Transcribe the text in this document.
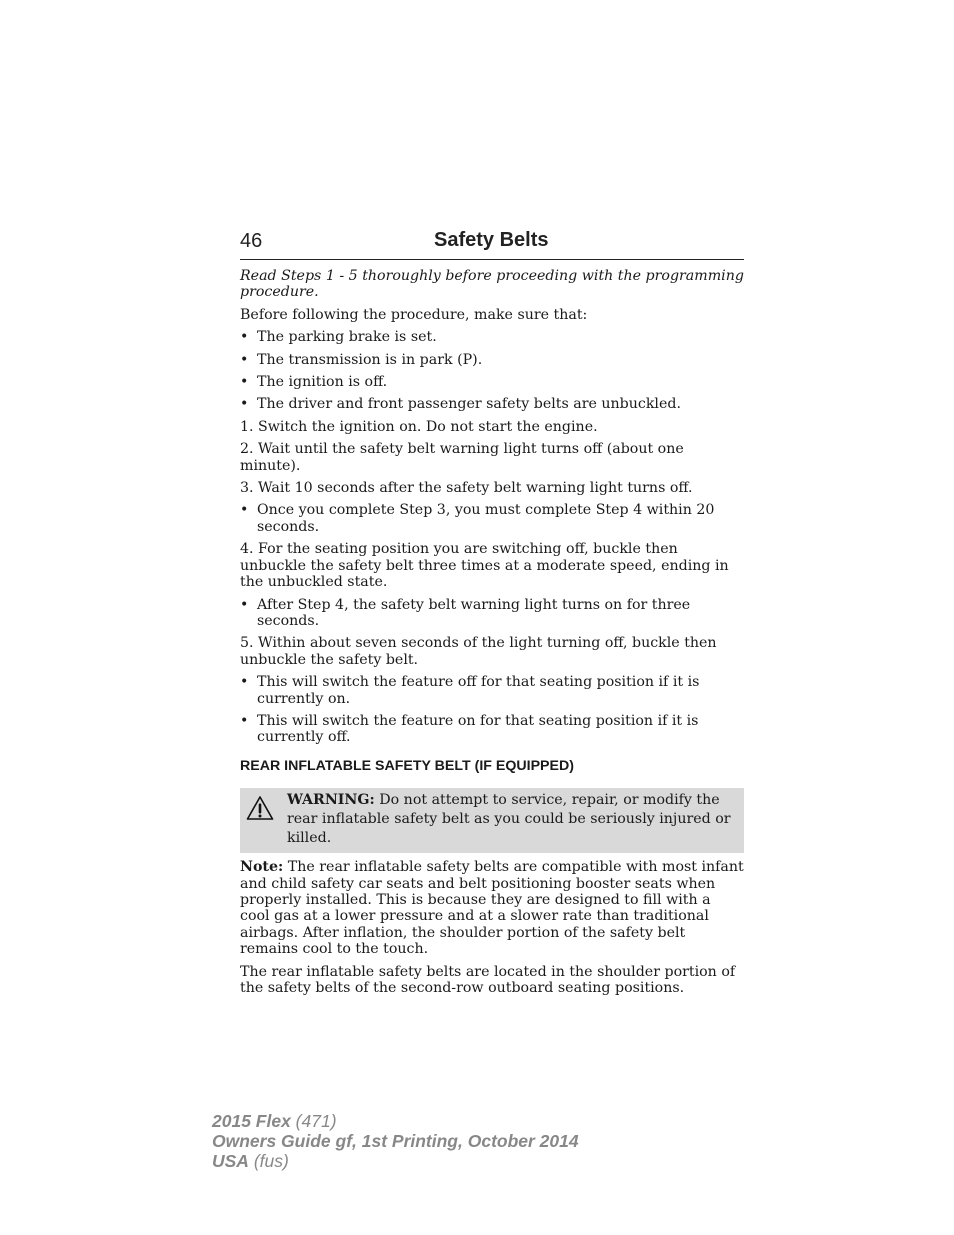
46	Safety Belts

Read Steps 1 - 5 thoroughly before proceeding with the programming procedure.

Before following the procedure, make sure that:

• The parking brake is set.
• The transmission is in park (P).
• The ignition is off.
• The driver and front passenger safety belts are unbuckled.

1. Switch the ignition on. Do not start the engine.

2. Wait until the safety belt warning light turns off (about one minute).

3. Wait 10 seconds after the safety belt warning light turns off.

• Once you complete Step 3, you must complete Step 4 within 20 seconds.

4. For the seating position you are switching off, buckle then unbuckle the safety belt three times at a moderate speed, ending in the unbuckled state.

• After Step 4, the safety belt warning light turns on for three seconds.

5. Within about seven seconds of the light turning off, buckle then unbuckle the safety belt.

• This will switch the feature off for that seating position if it is currently on.
• This will switch the feature on for that seating position if it is currently off.

REAR INFLATABLE SAFETY BELT (IF EQUIPPED)

WARNING: Do not attempt to service, repair, or modify the rear inflatable safety belt as you could be seriously injured or killed.

Note: The rear inflatable safety belts are compatible with most infant and child safety car seats and belt positioning booster seats when properly installed. This is because they are designed to fill with a cool gas at a lower pressure and at a slower rate than traditional airbags. After inflation, the shoulder portion of the safety belt remains cool to the touch.

The rear inflatable safety belts are located in the shoulder portion of the safety belts of the second-row outboard seating positions.

2015 Flex (471)
Owners Guide gf, 1st Printing, October 2014
USA (fus)
